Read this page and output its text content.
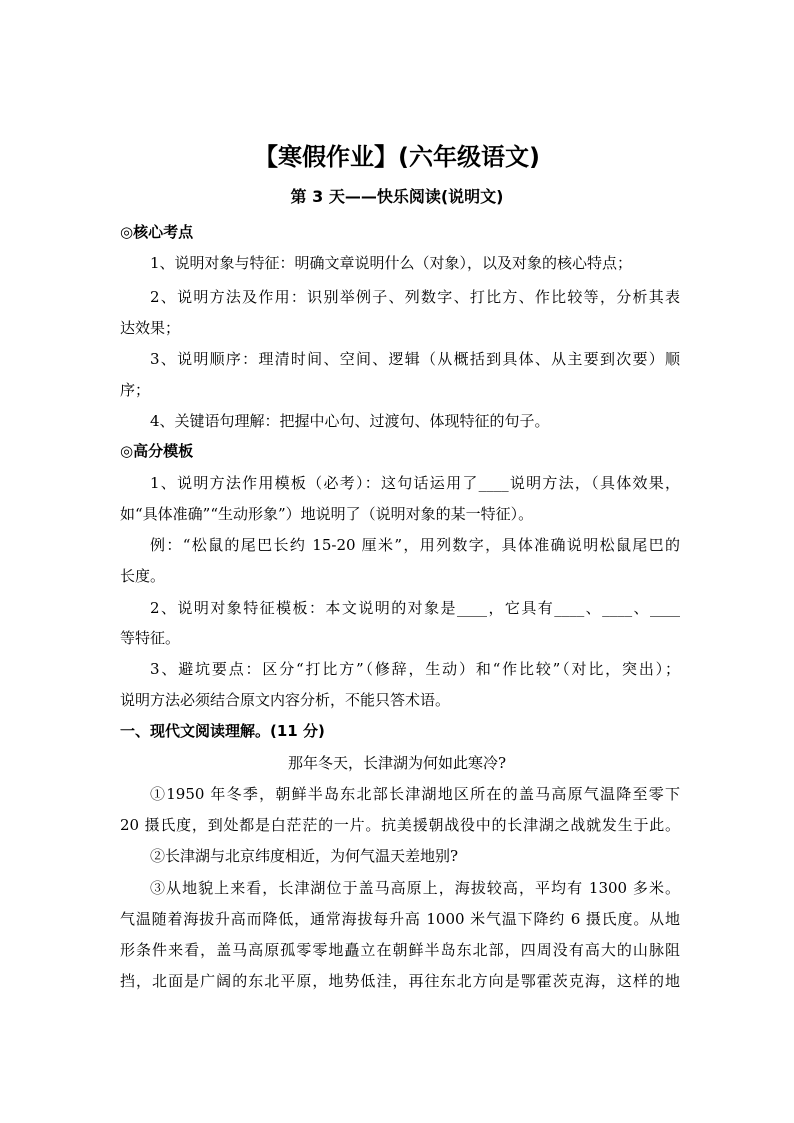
【寒假作业】(六年级语文)
第 3 天——快乐阅读(说明文)
◎核心考点
1、说明对象与特征：明确文章说明什么（对象），以及对象的核心特点；
2、说明方法及作用：识别举例子、列数字、打比方、作比较等，分析其表
达效果；
3、说明顺序：理清时间、空间、逻辑（从概括到具体、从主要到次要）顺
序；
4、关键语句理解：把握中心句、过渡句、体现特征的句子。
◎高分模板
1、说明方法作用模板（必考）：这句话运用了____说明方法，（具体效果，
如“具体准确”“生动形象”）地说明了（说明对象的某一特征）。
例：“松鼠的尾巴长约 15-20 厘米”，用列数字，具体准确说明松鼠尾巴的
长度。
2、说明对象特征模板：本文说明的对象是____，它具有____、____、____
等特征。
3、避坑要点：区分“打比方”（修辞，生动）和“作比较”（对比，突出）；
说明方法必须结合原文内容分析，不能只答术语。
一、现代文阅读理解。(11 分)
那年冬天，长津湖为何如此寒冷?
①1950 年冬季，朝鲜半岛东北部长津湖地区所在的盖马高原气温降至零下
20 摄氏度，到处都是白茫茫的一片。抗美援朝战役中的长津湖之战就发生于此。
②长津湖与北京纬度相近，为何气温天差地别?
③从地貌上来看，长津湖位于盖马高原上，海拔较高，平均有 1300 多米。
气温随着海拔升高而降低，通常海拔每升高 1000 米气温下降约 6 摄氏度。从地
形条件来看，盖马高原孤零零地矗立在朝鲜半岛东北部，四周没有高大的山脉阻
挡，北面是广阔的东北平原，地势低洼，再往东北方向是鄂霍茨克海，这样的地
